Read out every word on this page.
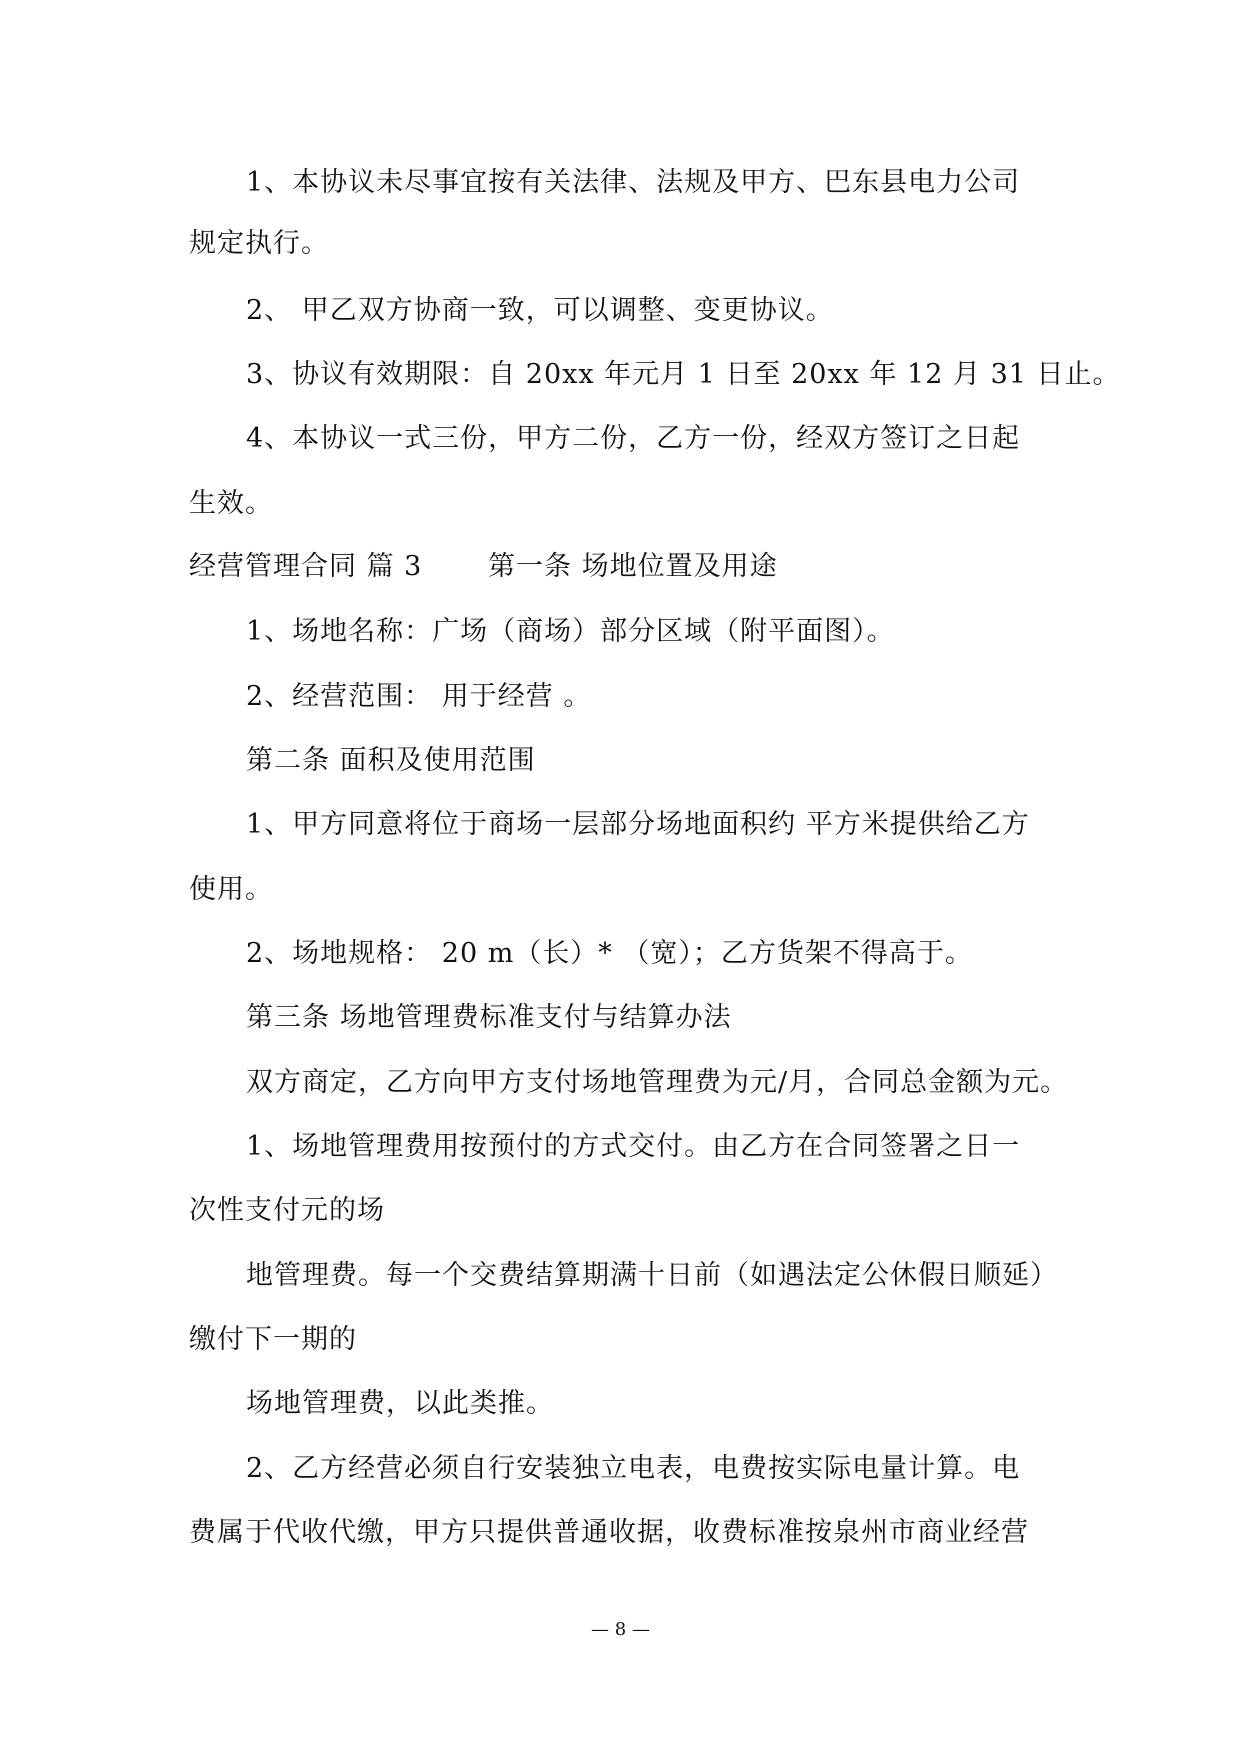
1、本协议未尽事宜按有关法律、法规及甲方、巴东县电力公司
规定执行。
2、 甲乙双方协商一致，可以调整、变更协议。
3、协议有效期限：自 20xx 年元月 1 日至 20xx 年 12 月 31 日止。
4、本协议一式三份，甲方二份，乙方一份，经双方签订之日起
生效。
经营管理合同 篇 3 第一条 场地位置及用途
1、场地名称：广场（商场）部分区域（附平面图）。
2、经营范围： 用于经营 。
第二条 面积及使用范围
1、甲方同意将位于商场一层部分场地面积约 平方米提供给乙方
使用。
2、场地规格： 20 m（长）* （宽）；乙方货架不得高于。
第三条 场地管理费标准支付与结算办法
双方商定，乙方向甲方支付场地管理费为元/月，合同总金额为元。
1、场地管理费用按预付的方式交付。由乙方在合同签署之日一
次性支付元的场
地管理费。每一个交费结算期满十日前（如遇法定公休假日顺延）
缴付下一期的
场地管理费，以此类推。
2、乙方经营必须自行安装独立电表，电费按实际电量计算。电
费属于代收代缴，甲方只提供普通收据，收费标准按泉州市商业经营
— 8 —
